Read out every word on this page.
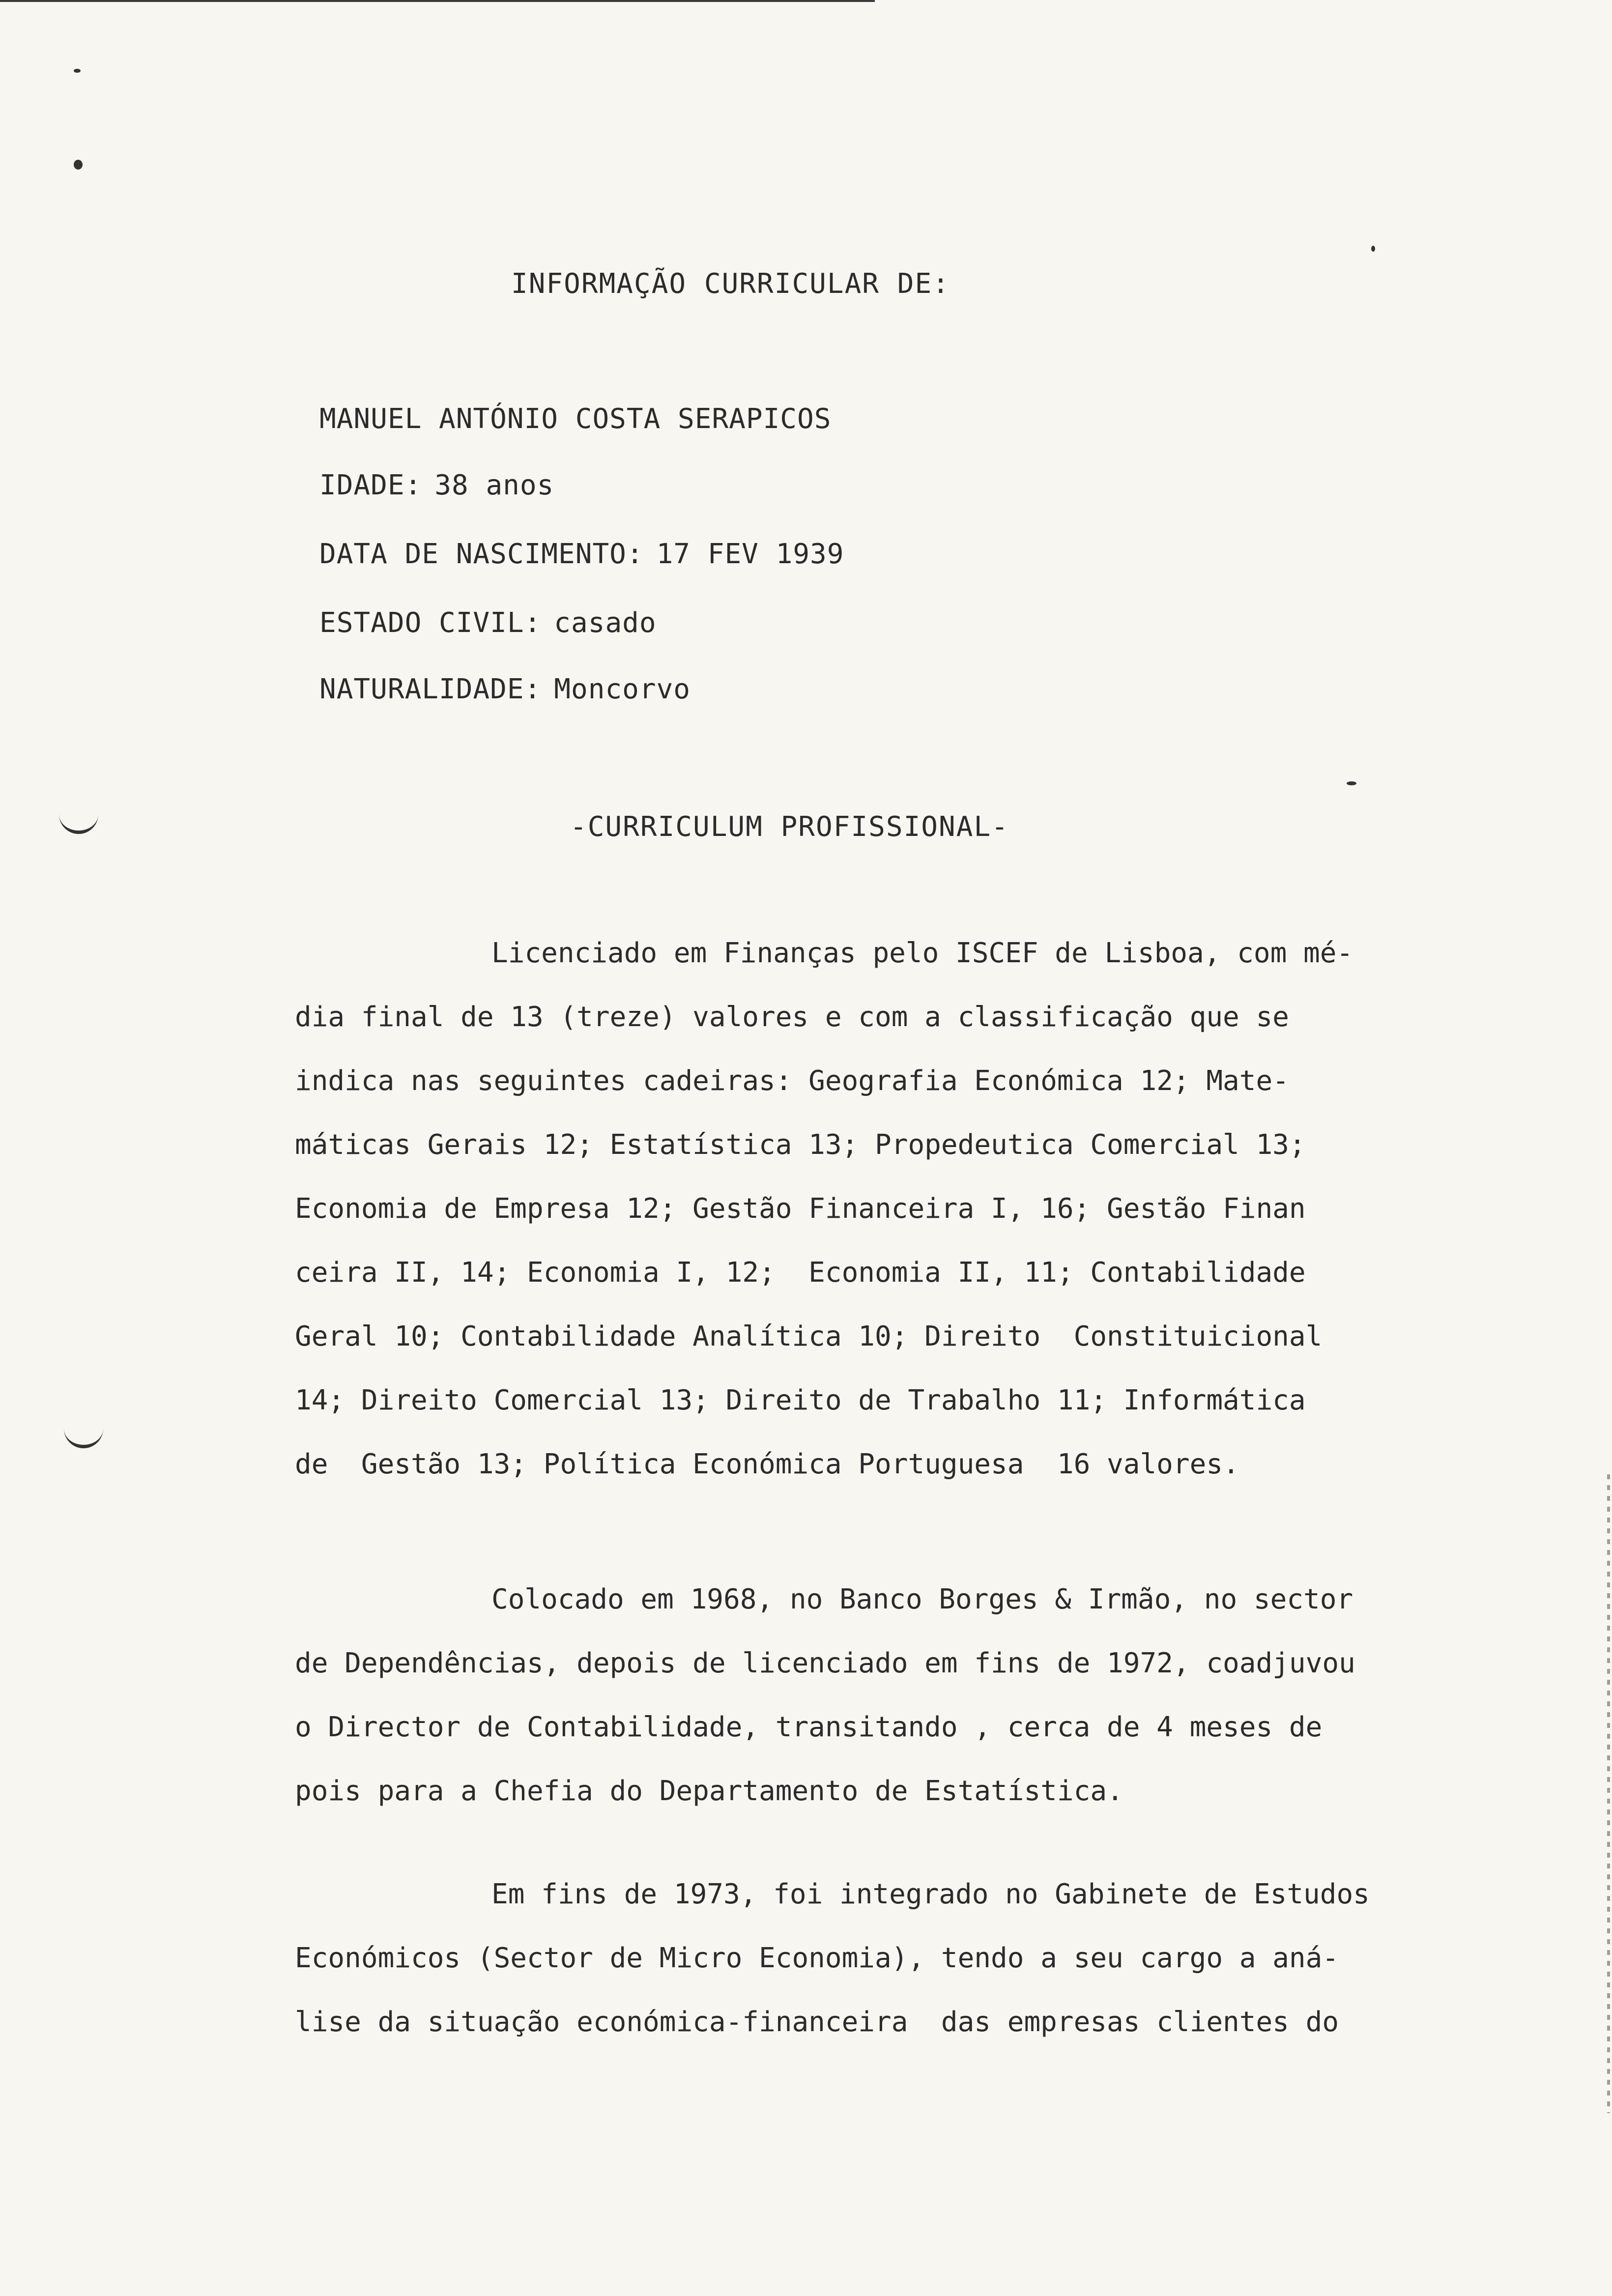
INFORMAÇÃO CURRICULAR DE:
MANUEL ANTÓNIO COSTA SERAPICOS
IDADE: 38 anos
DATA DE NASCIMENTO: 17 FEV 1939
ESTADO CIVIL: casado
NATURALIDADE: Moncorvo
-CURRICULUM PROFISSIONAL-
Licenciado em Finanças pelo ISCEF de Lisboa, com mé-
dia final de 13 (treze) valores e com a classificação que se
indica nas seguintes cadeiras: Geografia Económica 12; Mate-
máticas Gerais 12; Estatística 13; Propedeutica Comercial 13;
Economia de Empresa 12; Gestão Financeira I, 16; Gestão Finan
ceira II, 14; Economia I, 12;  Economia II, 11; Contabilidade
Geral 10; Contabilidade Analítica 10; Direito  Constituicional
14; Direito Comercial 13; Direito de Trabalho 11; Informática
de  Gestão 13; Política Económica Portuguesa  16 valores.
Colocado em 1968, no Banco Borges & Irmão, no sector
de Dependências, depois de licenciado em fins de 1972, coadjuvou
o Director de Contabilidade, transitando , cerca de 4 meses de
pois para a Chefia do Departamento de Estatística.
Em fins de 1973, foi integrado no Gabinete de Estudos
Económicos (Sector de Micro Economia), tendo a seu cargo a aná-
lise da situação económica-financeira  das empresas clientes do
